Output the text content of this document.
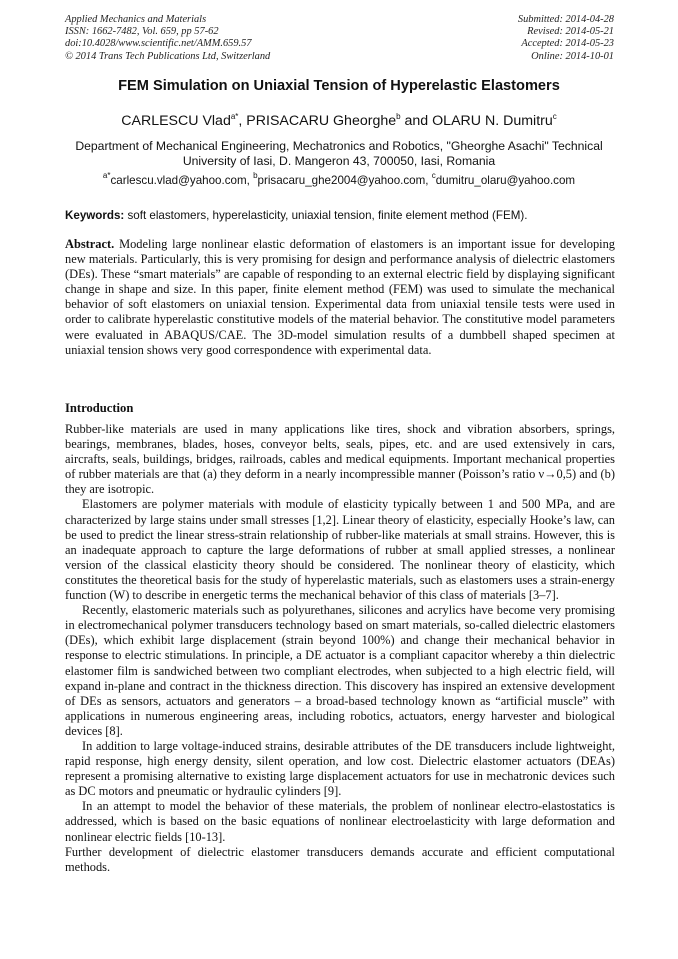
Applied Mechanics and Materials
ISSN: 1662-7482, Vol. 659, pp 57-62
doi:10.4028/www.scientific.net/AMM.659.57
© 2014 Trans Tech Publications Ltd, Switzerland
Submitted: 2014-04-28
Revised: 2014-05-21
Accepted: 2014-05-23
Online: 2014-10-01
FEM Simulation on Uniaxial Tension of Hyperelastic Elastomers
CARLESCU Vlad$^{a*}$, PRISACARU Gheorghe$^b$ and OLARU N. Dumitru$^c$
Department of Mechanical Engineering, Mechatronics and Robotics, "Gheorghe Asachi" Technical University of Iasi, D. Mangeron 43, 700050, Iasi, Romania
$^{a*}$carlescu.vlad@yahoo.com, $^b$prisacaru_ghe2004@yahoo.com, $^c$dumitru_olaru@yahoo.com
Keywords: soft elastomers, hyperelasticity, uniaxial tension, finite element method (FEM).
Abstract. Modeling large nonlinear elastic deformation of elastomers is an important issue for developing new materials. Particularly, this is very promising for design and performance analysis of dielectric elastomers (DEs). These “smart materials” are capable of responding to an external electric field by displaying significant change in shape and size. In this paper, finite element method (FEM) was used to simulate the mechanical behavior of soft elastomers on uniaxial tension. Experimental data from uniaxial tensile tests were used in order to calibrate hyperelastic constitutive models of the material behavior. The constitutive model parameters were evaluated in ABAQUS/CAE. The 3D-model simulation results of a dumbbell shaped specimen at uniaxial tension shows very good correspondence with experimental data.
Introduction

Rubber-like materials are used in many applications like tires, shock and vibration absorbers, springs, bearings, membranes, blades, hoses, conveyor belts, seals, pipes, etc. and are used extensively in cars, aircrafts, seals, buildings, bridges, railroads, cables and medical equipments. Important mechanical properties of rubber materials are that (a) they deform in a nearly incompressible manner (Poisson’s ratio ν→0,5) and (b) they are isotropic.

Elastomers are polymer materials with module of elasticity typically between 1 and 500 MPa, and are characterized by large stains under small stresses [1,2]. Linear theory of elasticity, especially Hooke’s law, can be used to predict the linear stress-strain relationship of rubber-like materials at small strains. However, this is an inadequate approach to capture the large deformations of rubber at small applied stresses, a nonlinear version of the classical elasticity theory should be considered. The nonlinear theory of elasticity, which constitutes the theoretical basis for the study of hyperelastic materials, such as elastomers uses a strain-energy function (W) to describe in energetic terms the mechanical behavior of this class of materials [3–7].

Recently, elastomeric materials such as polyurethanes, silicones and acrylics have become very promising in electromechanical polymer transducers technology based on smart materials, so-called dielectric elastomers (DEs), which exhibit large displacement (strain beyond 100%) and change their mechanical behavior in response to electric stimulations. In principle, a DE actuator is a compliant capacitor whereby a thin dielectric elastomer film is sandwiched between two compliant electrodes, when subjected to a high electric field, will expand in-plane and contract in the thickness direction. This discovery has inspired an extensive development of DEs as sensors, actuators and generators – a broad-based technology known as “artificial muscle” with applications in numerous engineering areas, including robotics, actuators, energy harvester and biological devices [8].

In addition to large voltage-induced strains, desirable attributes of the DE transducers include lightweight, rapid response, high energy density, silent operation, and low cost. Dielectric elastomer actuators (DEAs) represent a promising alternative to existing large displacement actuators for use in mechatronic devices such as DC motors and pneumatic or hydraulic cylinders [9].

In an attempt to model the behavior of these materials, the problem of nonlinear electro-elastostatics is addressed, which is based on the basic equations of nonlinear electroelasticity with large deformation and nonlinear electric fields [10-13].

Further development of dielectric elastomer transducers demands accurate and efficient computational methods.
